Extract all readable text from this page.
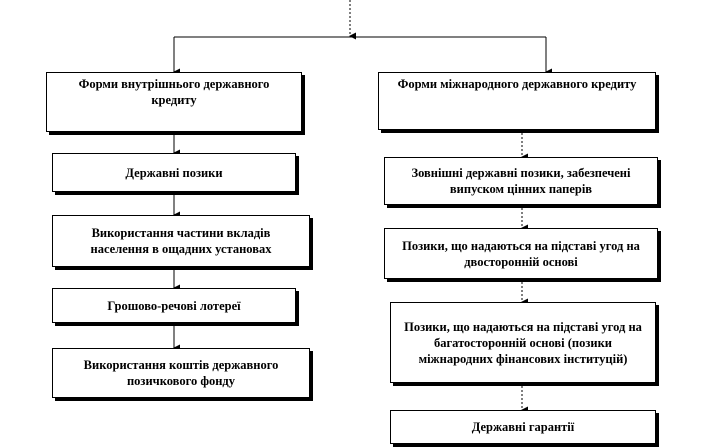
Форми внутрішнього державного кредиту
Державні позики
Використання частини вкладів населення в ощадних установах
Грошово-речові лотереї
Використання коштів державного позичкового фонду
Форми міжнародного державного кредиту
Зовнішні державні позики, забезпечені випуском цінних паперів
Позики, що надаються на підставі угод на двосторонній основі
Позики, що надаються на підставі угод на багатосторонній основі (позики міжнародних фінансових інституцій)
Державні гарантії
